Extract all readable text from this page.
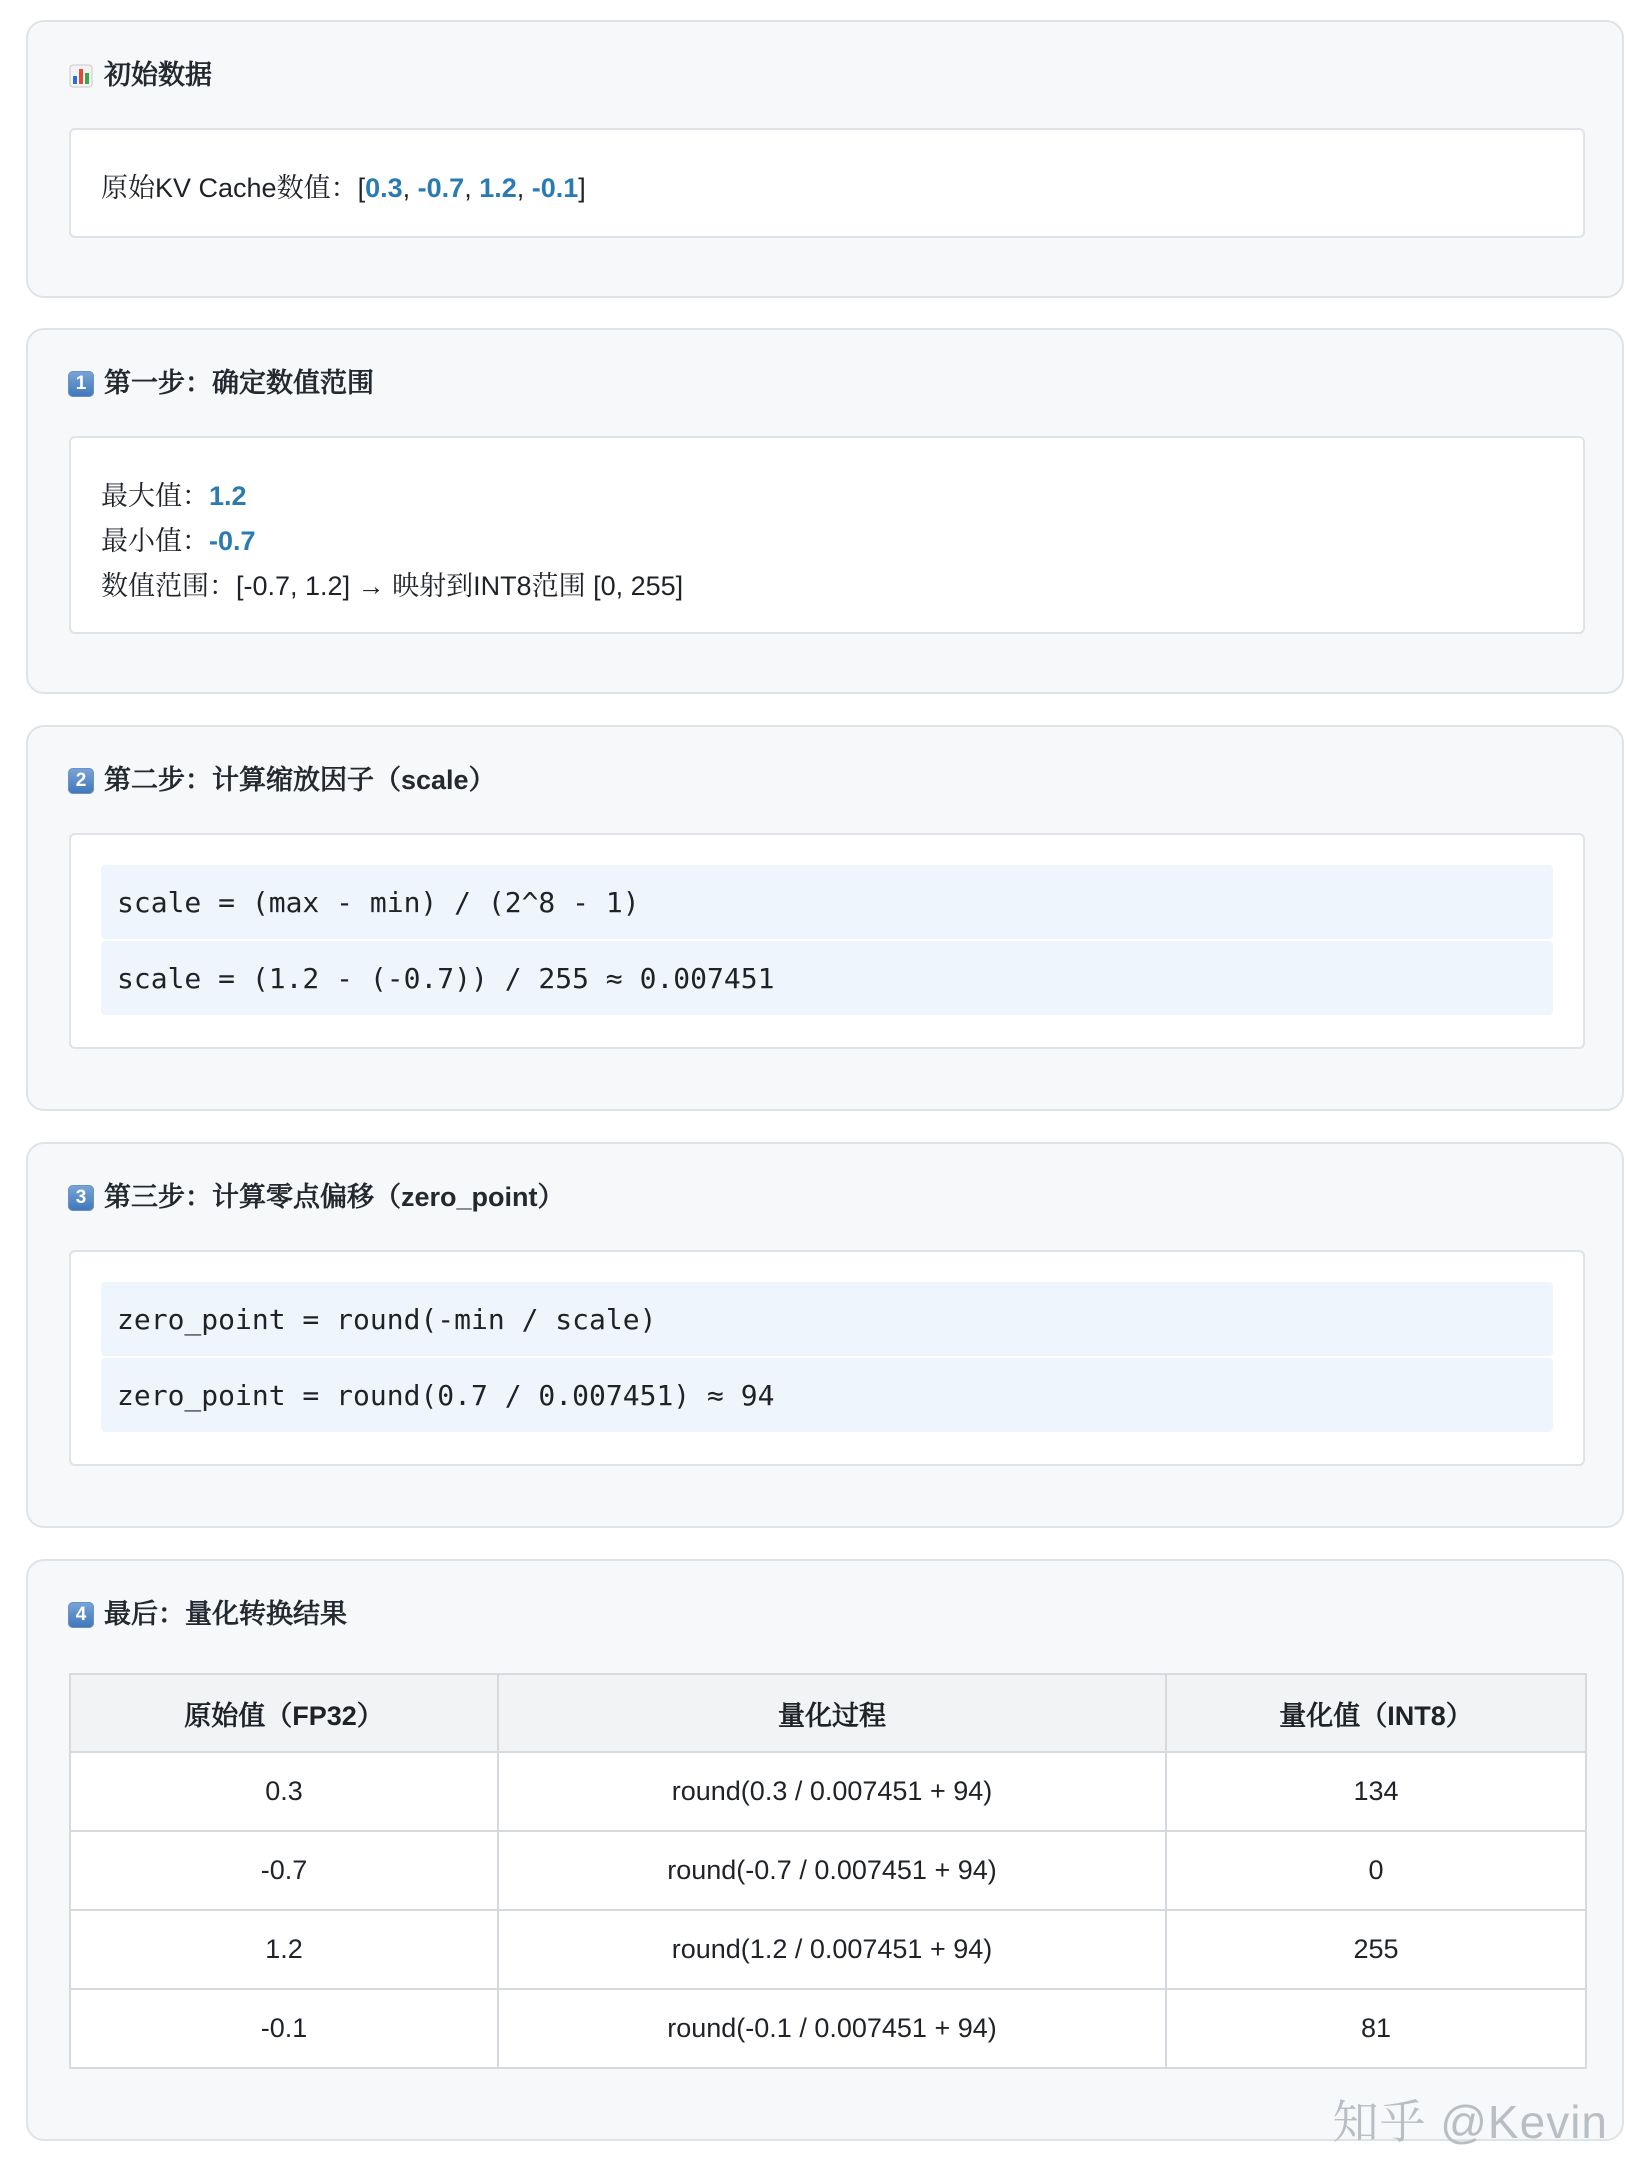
初始数据
原始KV Cache数值：[0.3, -0.7, 1.2, -0.1]
1 第一步：确定数值范围
最大值：1.2
最小值：-0.7
数值范围：[-0.7, 1.2] → 映射到INT8范围 [0, 255]
2 第二步：计算缩放因子（scale）
scale = (max - min) / (2^8 - 1)
scale = (1.2 - (-0.7)) / 255 ≈ 0.007451
3 第三步：计算零点偏移（zero_point）
zero_point = round(-min / scale)
zero_point = round(0.7 / 0.007451) ≈ 94
4 最后：量化转换结果
原始值（FP32）	量化过程	量化值（INT8）
0.3	round(0.3 / 0.007451 + 94)	134
-0.7	round(-0.7 / 0.007451 + 94)	0
1.2	round(1.2 / 0.007451 + 94)	255
-0.1	round(-0.1 / 0.007451 + 94)	81
知乎 @Kevin
